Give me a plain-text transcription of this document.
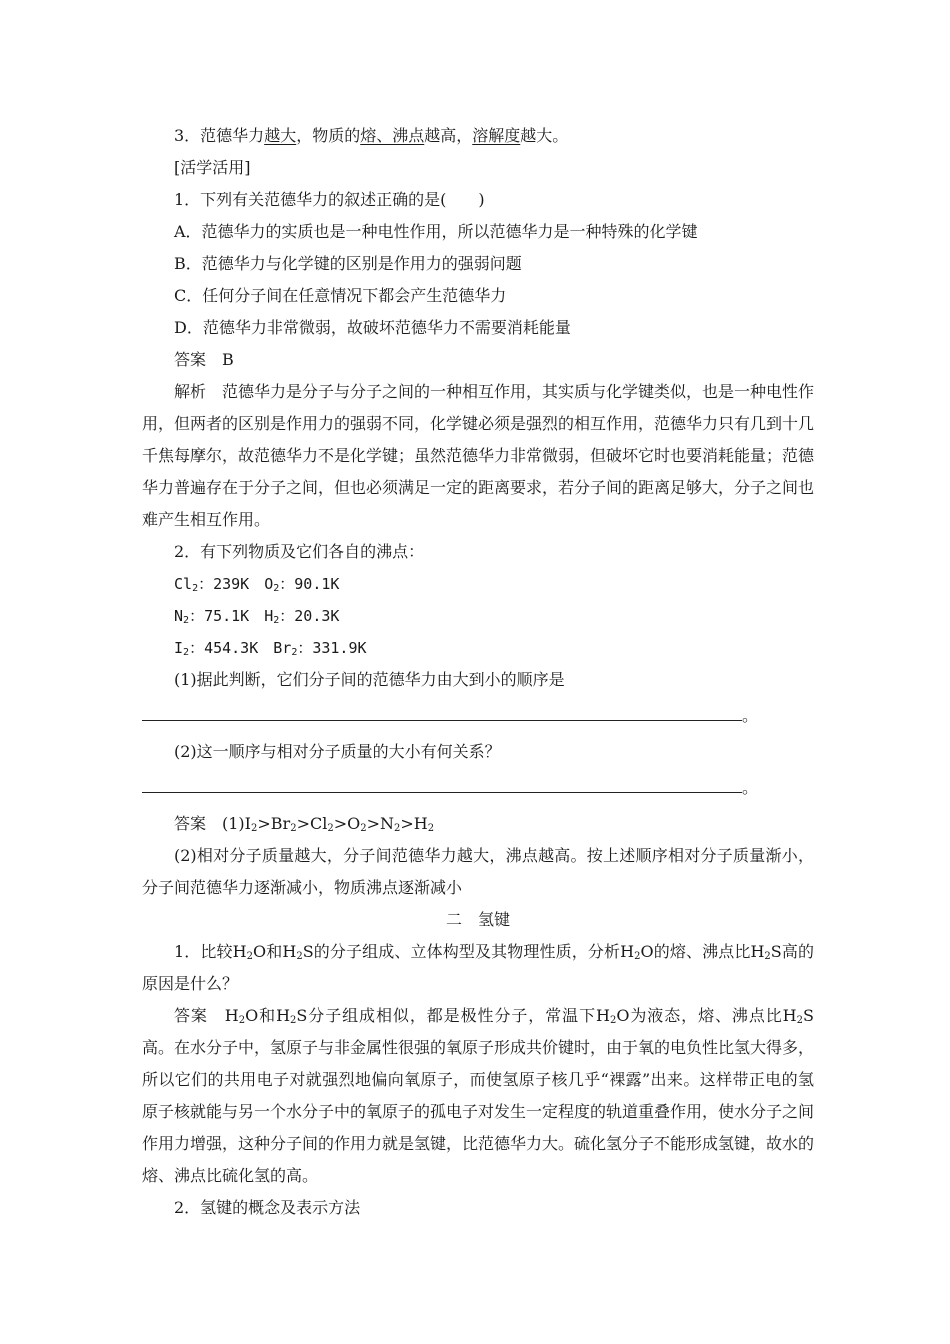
3．范德华力越大，物质的熔、沸点越高，溶解度越大。
[活学活用]
1．下列有关范德华力的叙述正确的是(　　)
A．范德华力的实质也是一种电性作用，所以范德华力是一种特殊的化学键
B．范德华力与化学键的区别是作用力的强弱问题
C．任何分子间在任意情况下都会产生范德华力
D．范德华力非常微弱，故破坏范德华力不需要消耗能量
答案　B
解析　范德华力是分子与分子之间的一种相互作用，其实质与化学键类似，也是一种电性作用，但两者的区别是作用力的强弱不同，化学键必须是强烈的相互作用，范德华力只有几到十几千焦每摩尔，故范德华力不是化学键；虽然范德华力非常微弱，但破坏它时也要消耗能量；范德华力普遍存在于分子之间，但也必须满足一定的距离要求，若分子间的距离足够大，分子之间也难产生相互作用。
2．有下列物质及它们各自的沸点：
$Cl_2$：239K　$O_2$：90.1K
$N_2$：75.1K　$H_2$：20.3K
$I_2$：454.3K　$Br_2$：331.9K
(1)据此判断，它们分子间的范德华力由大到小的顺序是
。
(2)这一顺序与相对分子质量的大小有何关系？
。
答案　$(1)I_2>Br_2>Cl_2>O_2>N_2>H_2$
(2)相对分子质量越大，分子间范德华力越大，沸点越高。按上述顺序相对分子质量渐小，分子间范德华力逐渐减小，物质沸点逐渐减小
二　氢键
1．比较$H_2O$和$H_2S$的分子组成、立体构型及其物理性质，分析$H_2O$的熔、沸点比$H_2S$高的原因是什么？
答案　$H_2O$和$H_2S$分子组成相似，都是极性分子，常温下$H_2O$为液态，熔、沸点比$H_2S$高。在水分子中，氢原子与非金属性很强的氧原子形成共价键时，由于氧的电负性比氢大得多，所以它们的共用电子对就强烈地偏向氧原子，而使氢原子核几乎“裸露”出来。这样带正电的氢原子核就能与另一个水分子中的氧原子的孤电子对发生一定程度的轨道重叠作用，使水分子之间作用力增强，这种分子间的作用力就是氢键，比范德华力大。硫化氢分子不能形成氢键，故水的熔、沸点比硫化氢的高。
2．氢键的概念及表示方法
